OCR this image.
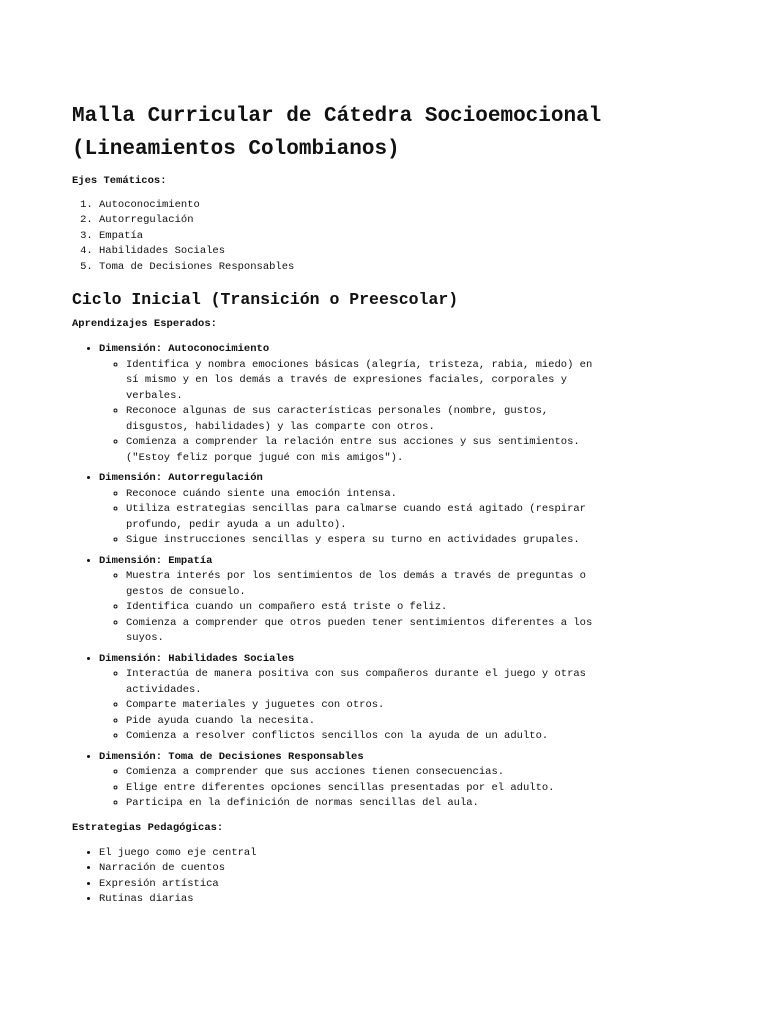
Malla Curricular de Cátedra Socioemocional (Lineamientos Colombianos)

Ejes Temáticos:

1. Autoconocimiento
2. Autorregulación
3. Empatía
4. Habilidades Sociales
5. Toma de Decisiones Responsables
Ciclo Inicial (Transición o Preescolar)

Aprendizajes Esperados:

• Dimensión: Autoconocimiento
◦ Identifica y nombra emociones básicas (alegría, tristeza, rabia, miedo) en sí mismo y en los demás a través de expresiones faciales, corporales y verbales.
◦ Reconoce algunas de sus características personales (nombre, gustos, disgustos, habilidades) y las comparte con otros.
◦ Comienza a comprender la relación entre sus acciones y sus sentimientos. ("Estoy feliz porque jugué con mis amigos").
• Dimensión: Autorregulación
◦ Reconoce cuándo siente una emoción intensa.
◦ Utiliza estrategias sencillas para calmarse cuando está agitado (respirar profundo, pedir ayuda a un adulto).
◦ Sigue instrucciones sencillas y espera su turno en actividades grupales.
• Dimensión: Empatía
◦ Muestra interés por los sentimientos de los demás a través de preguntas o gestos de consuelo.
◦ Identifica cuando un compañero está triste o feliz.
◦ Comienza a comprender que otros pueden tener sentimientos diferentes a los suyos.
• Dimensión: Habilidades Sociales
◦ Interactúa de manera positiva con sus compañeros durante el juego y otras actividades.
◦ Comparte materiales y juguetes con otros.
◦ Pide ayuda cuando la necesita.
◦ Comienza a resolver conflictos sencillos con la ayuda de un adulto.
• Dimensión: Toma de Decisiones Responsables
◦ Comienza a comprender que sus acciones tienen consecuencias.
◦ Elige entre diferentes opciones sencillas presentadas por el adulto.
◦ Participa en la definición de normas sencillas del aula.

Estrategias Pedagógicas:

• El juego como eje central
• Narración de cuentos
• Expresión artística
• Rutinas diarias
